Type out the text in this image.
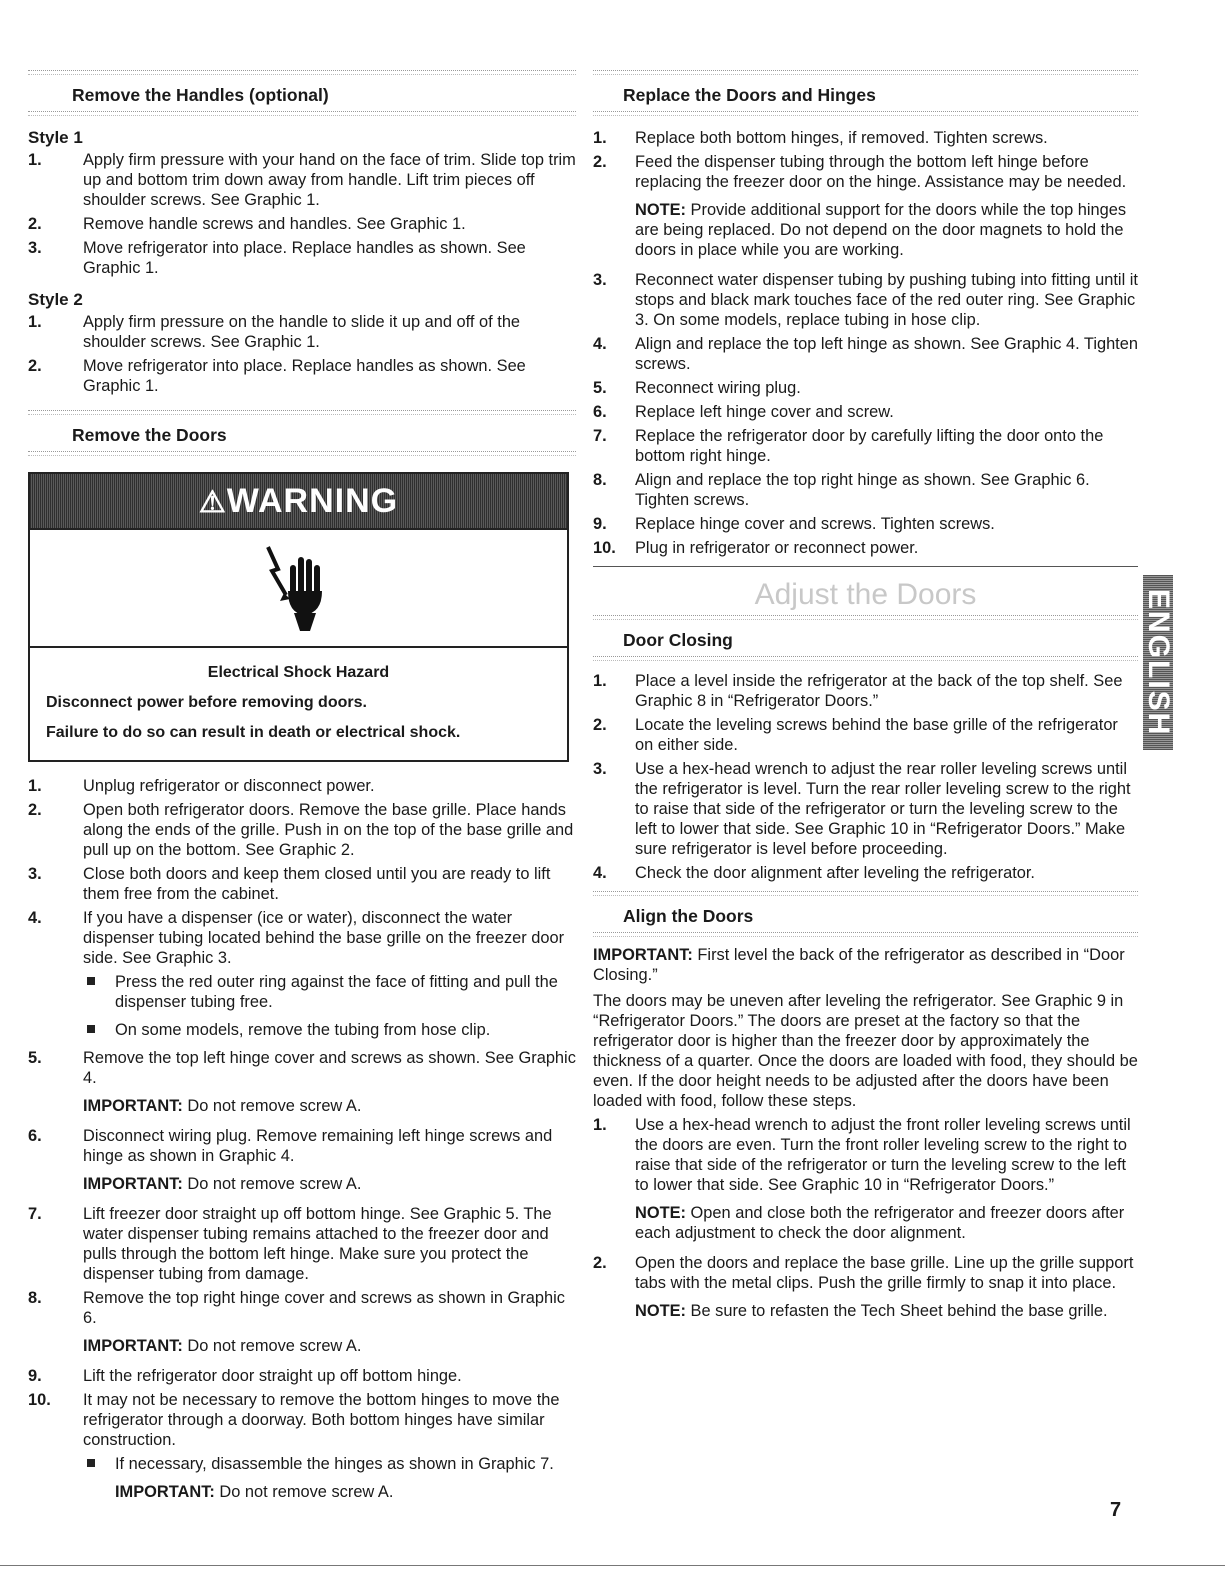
Remove the Handles (optional)
Style 1
1.	Apply firm pressure with your hand on the face of trim. Slide top trim up and bottom trim down away from handle. Lift trim pieces off shoulder screws. See Graphic 1.
2.	Remove handle screws and handles. See Graphic 1.
3.	Move refrigerator into place. Replace handles as shown. See Graphic 1.
Style 2
1.	Apply firm pressure on the handle to slide it up and off of the shoulder screws. See Graphic 1.
2.	Move refrigerator into place. Replace handles as shown. See Graphic 1.
Remove the Doors
⚠WARNING
Electrical Shock Hazard
Disconnect power before removing doors.
Failure to do so can result in death or electrical shock.
1.	Unplug refrigerator or disconnect power.
2.	Open both refrigerator doors. Remove the base grille. Place hands along the ends of the grille. Push in on the top of the base grille and pull up on the bottom. See Graphic 2.
3.	Close both doors and keep them closed until you are ready to lift them free from the cabinet.
4.	If you have a dispenser (ice or water), disconnect the water dispenser tubing located behind the base grille on the freezer door side. See Graphic 3.
Press the red outer ring against the face of fitting and pull the dispenser tubing free.
On some models, remove the tubing from hose clip.
5.	Remove the top left hinge cover and screws as shown. See Graphic 4.
IMPORTANT: Do not remove screw A.
6.	Disconnect wiring plug. Remove remaining left hinge screws and hinge as shown in Graphic 4.
IMPORTANT: Do not remove screw A.
7.	Lift freezer door straight up off bottom hinge. See Graphic 5. The water dispenser tubing remains attached to the freezer door and pulls through the bottom left hinge. Make sure you protect the dispenser tubing from damage.
8.	Remove the top right hinge cover and screws as shown in Graphic 6.
IMPORTANT: Do not remove screw A.
9.	Lift the refrigerator door straight up off bottom hinge.
10. It may not be necessary to remove the bottom hinges to move the refrigerator through a doorway. Both bottom hinges have similar construction.
If necessary, disassemble the hinges as shown in Graphic 7.
IMPORTANT: Do not remove screw A.
Replace the Doors and Hinges
1.	Replace both bottom hinges, if removed. Tighten screws.
2.	Feed the dispenser tubing through the bottom left hinge before replacing the freezer door on the hinge. Assistance may be needed.
NOTE: Provide additional support for the doors while the top hinges are being replaced. Do not depend on the door magnets to hold the doors in place while you are working.
3.	Reconnect water dispenser tubing by pushing tubing into fitting until it stops and black mark touches face of the red outer ring. See Graphic 3. On some models, replace tubing in hose clip.
4.	Align and replace the top left hinge as shown. See Graphic 4. Tighten screws.
5.	Reconnect wiring plug.
6.	Replace left hinge cover and screw.
7.	Replace the refrigerator door by carefully lifting the door onto the bottom right hinge.
8.	Align and replace the top right hinge as shown. See Graphic 6. Tighten screws.
9.	Replace hinge cover and screws. Tighten screws.
10. Plug in refrigerator or reconnect power.
Adjust the Doors
Door Closing
1.	Place a level inside the refrigerator at the back of the top shelf. See Graphic 8 in “Refrigerator Doors.”
2.	Locate the leveling screws behind the base grille of the refrigerator on either side.
3.	Use a hex-head wrench to adjust the rear roller leveling screws until the refrigerator is level. Turn the rear roller leveling screw to the right to raise that side of the refrigerator or turn the leveling screw to the left to lower that side. See Graphic 10 in “Refrigerator Doors.” Make sure refrigerator is level before proceeding.
4.	Check the door alignment after leveling the refrigerator.
Align the Doors
IMPORTANT: First level the back of the refrigerator as described in “Door Closing.”
The doors may be uneven after leveling the refrigerator. See Graphic 9 in “Refrigerator Doors.” The doors are preset at the factory so that the refrigerator door is higher than the freezer door by approximately the thickness of a quarter. Once the doors are loaded with food, they should be even. If the door height needs to be adjusted after the doors have been loaded with food, follow these steps.
1.	Use a hex-head wrench to adjust the front roller leveling screws until the doors are even. Turn the front roller leveling screw to the right to raise that side of the refrigerator or turn the leveling screw to the left to lower that side. See Graphic 10 in “Refrigerator Doors.”
NOTE: Open and close both the refrigerator and freezer doors after each adjustment to check the door alignment.
2.	Open the doors and replace the base grille. Line up the grille support tabs with the metal clips. Push the grille firmly to snap it into place.
NOTE: Be sure to refasten the Tech Sheet behind the base grille.
ENGLISH
7
